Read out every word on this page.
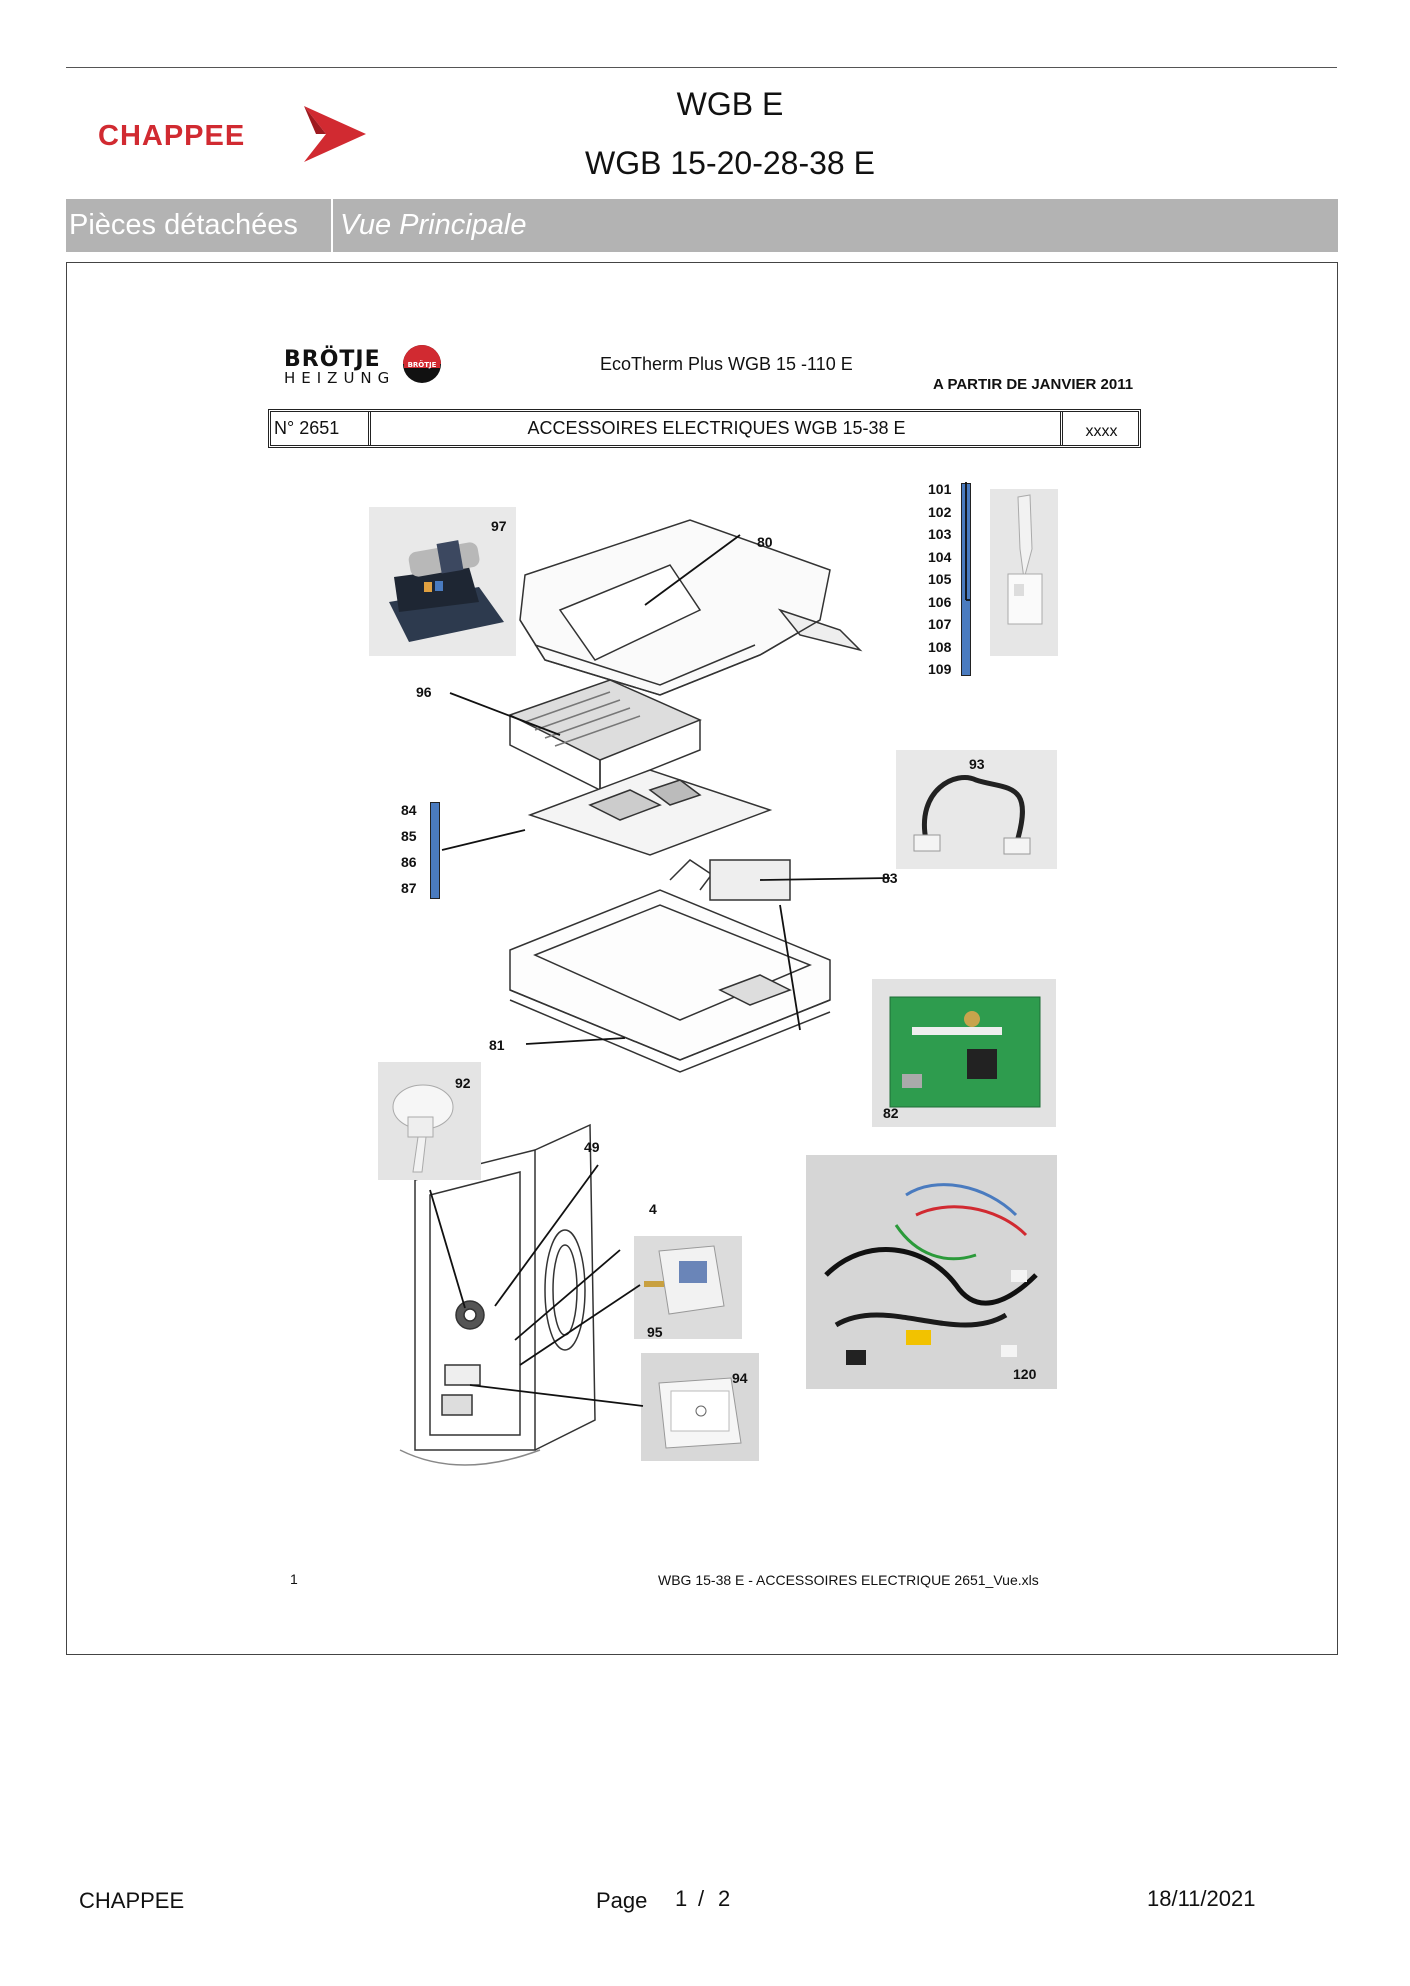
CHAPPEE
WGB E
WGB 15-20-28-38 E
Pièces détachées	Vue Principale
BRÖTJE
HEIZUNG
BRÖTJE	EcoTherm Plus WGB 15 -110 E
A PARTIR DE JANVIER 2011
N° 2651	ACCESSOIRES ELECTRIQUES WGB 15-38 E	xxxx
97
80
96
84
85
86
87
83
93
81
82
92
49
4
95
94	120
101
102
103
104
105
106
107
108
109
1	WBG 15-38 E - ACCESSOIRES ELECTRIQUE 2651_Vue.xls
CHAPPEE	Page 1 / 2	18/11/2021
